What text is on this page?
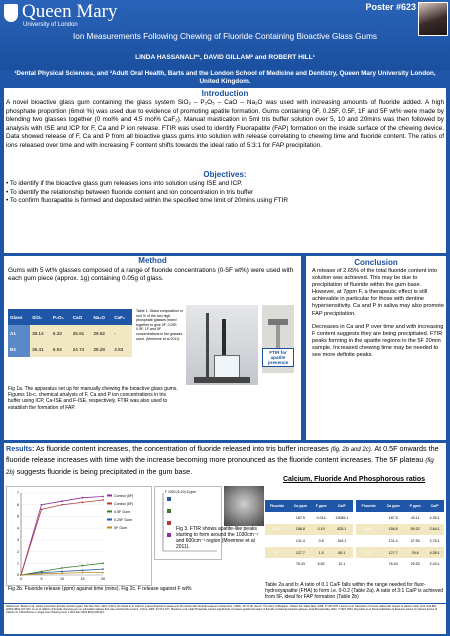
Queen Mary
University of London
Poster #623
Ion Measurements Following Chewing of Fluoride Containing Bioactive Glass Gums
LINDA HASSANALI*¹, DAVID GILLAM² and ROBERT HILL¹
¹Dental Physical Sciences, and ²Adult Oral Health, Barts and the London School of Medicine and Dentistry, Queen Mary University London, United Kingdom.
Introduction
A novel bioactive glass gum containing the glass system SiO₂ – P₂O₅ – CaO – Na₂O was used with increasing amounts of fluoride added. A high phosphate proportion (6mol %) was used due to evidence of promoting apatite formation. Gums containing 0F, 0.25F, 0.5F, 1F and 5F wt% were made by blending two glasses together (0 mol% and 4.5 mol% CaF₂). Manual mastication in 5ml tris buffer solution over 5, 10 and 20mins was then followed by analysis with ISE and ICP for F, Ca and P ion release. FTIR was used to identify Fluorapatite (FAP) formation on the inside surface of the chewing device. Data showed release of F, Ca and P from all bioactive glass gums into solution with release correlating to chewing time and fluoride content. The ratios of ions released over time and with increasing F content shifts towards the ideal ratio of 5:3:1 for FAP precipitation.
Objectives:
• To identify if the bioactive glass gum releases ions into solution using ISE and ICP.
• To identify the relationship between fluoride content and ion concentration in tris buffer
• To confirm fluorapatite is formed and deposited within the specified time limit of 20mins using FTIR
Method
Gums with 5 wt% glasses composed of a range of fluoride concentrations (0-5F wt%) were used with each gum piece (approx. 1g) containing 0.05g of glass.
Glass	SiO₂	P₂O₅	CaO	Na₂O	CaF₂
A1	38.14	6.33	25.91	29.62	-
B2	36.41	6.04	24.74	28.28	4.53
Table 1. Glass composition in mol % of the two high phosphate glasses mixed together to give 0F, 0.25F, 0.5F, 1F and 5F concentrations in the glasses used. (Mneimne et al 2011)
FTIR for apatite presence
Fig 1a. The apparatus set up for manually chewing the bioactive glass gums. Figures 1b-c. chemical analysis of F, Ca and P ion concentrations in tris buffer using ICP, Ca-ISE and F-ISE, respectively. FTIR was also used to establish the formation of FAP.
Conclusion

A release of 2.65% of the total fluoride content into solution was achieved. This may be due to precipitation of fluoride within the gum base. However, at 7ppm F, a therapeutic effect is still achievable in particular for those with dentine hypersensitivity. Ca and P in saliva may also promote FAP precipitation.

Decreases in Ca and P over time and with increasing F content suggests they are being precipitated. FTIR peaks forming in the apatite regions in the 5F 20min sample. Increased chewing time may be needed to see more definite peaks.

Results: As fluoride content increases, the concentration of fluoride released into tris buffer increases (fig. 2b and 2c). At 0.5F onwards the fluoride release increases with time with the increase becoming more pronounced as the fluoride content increases. The 5F plateau (fig 2b) suggests fluoride is being precipitated in the gum base.
0
1
2
3
4
5
6
7
0	5	10	15	20
Control (5F)
Control (5F)
0.5F Gum
0.25F Gum
0F Gum
F 1000 (5-10)-5 ppm
Fig 3. FTIR shows apatite-like peaks starting to form around the 1030cm⁻¹ and 600cm⁻¹ region (Mneimne et al 2011).
Fig 2b. Fluoride release (ppm) against time (mins). Fig 2c. F release against F wt%
Calcium, Fluoride And Phosphorous ratios
Fluoride	Ca ppm	F ppm	Ca/F
0F	187.5	0.014	13089.1
0.25F	156.8	0.19	825.1
0.5F	131.4	0.8	164.1
1F	127.7	1.5	85.1
5F	76.43	6.82	10.1
Fluoride	Ca ppm	P ppm	Ca/P
0F	187.5	43.11	4.35:1
0.25F	156.8	59.32	2.64:1
0.5F	131.4	47.55	2.76:1
1F	127.7	29.6	4.28:1
5F	76.43	25.53	2.43:1
Table 2a and b: A ratio of 0.1 Ca/F falls within the range needed for fluor-hydroxyapatite (FHA) to form i.e. 0-0.2 (Table 2a). A ratio of 3:1 Ca/P is achieved from 5F, ideal for FAP formation (Table 2b)
References: Bowen et al. Caries prevention-fluoride reaction paper, Adv Dent Res. 1991; 5:46-9. De Paola et al. CaF2 in enamel biopsies 6 weeks and 18 months after fluoride treatment Caries Res. (1981), 20-27-36. Hench. The Story of Bioglass, J Mater Sci: Mater Med. 2006; 17:967-978. Lennon et al. Saturation of human saliva with respect to calcium salts. Arch Oral Biol. (2003) 48(4):317-322. Lin et al. Effects of fluoride chewing gum on stimulated salivary flow rate and fluoride content, J Dent. 2004; 32:S71-S77. Mneimne et al. High Phosphate content significantly increases apatite formation of fluoride containing bioactive glasses, Acta Biomaterialia, 2011; 7:1827-1834. Reynolds et al. Remineralization of Enamel Lesions by Various Forms of Calcium in a Mouthrinse or Sugar-free Chewing Gum J Dent Res 2003 82(3):206-211.
